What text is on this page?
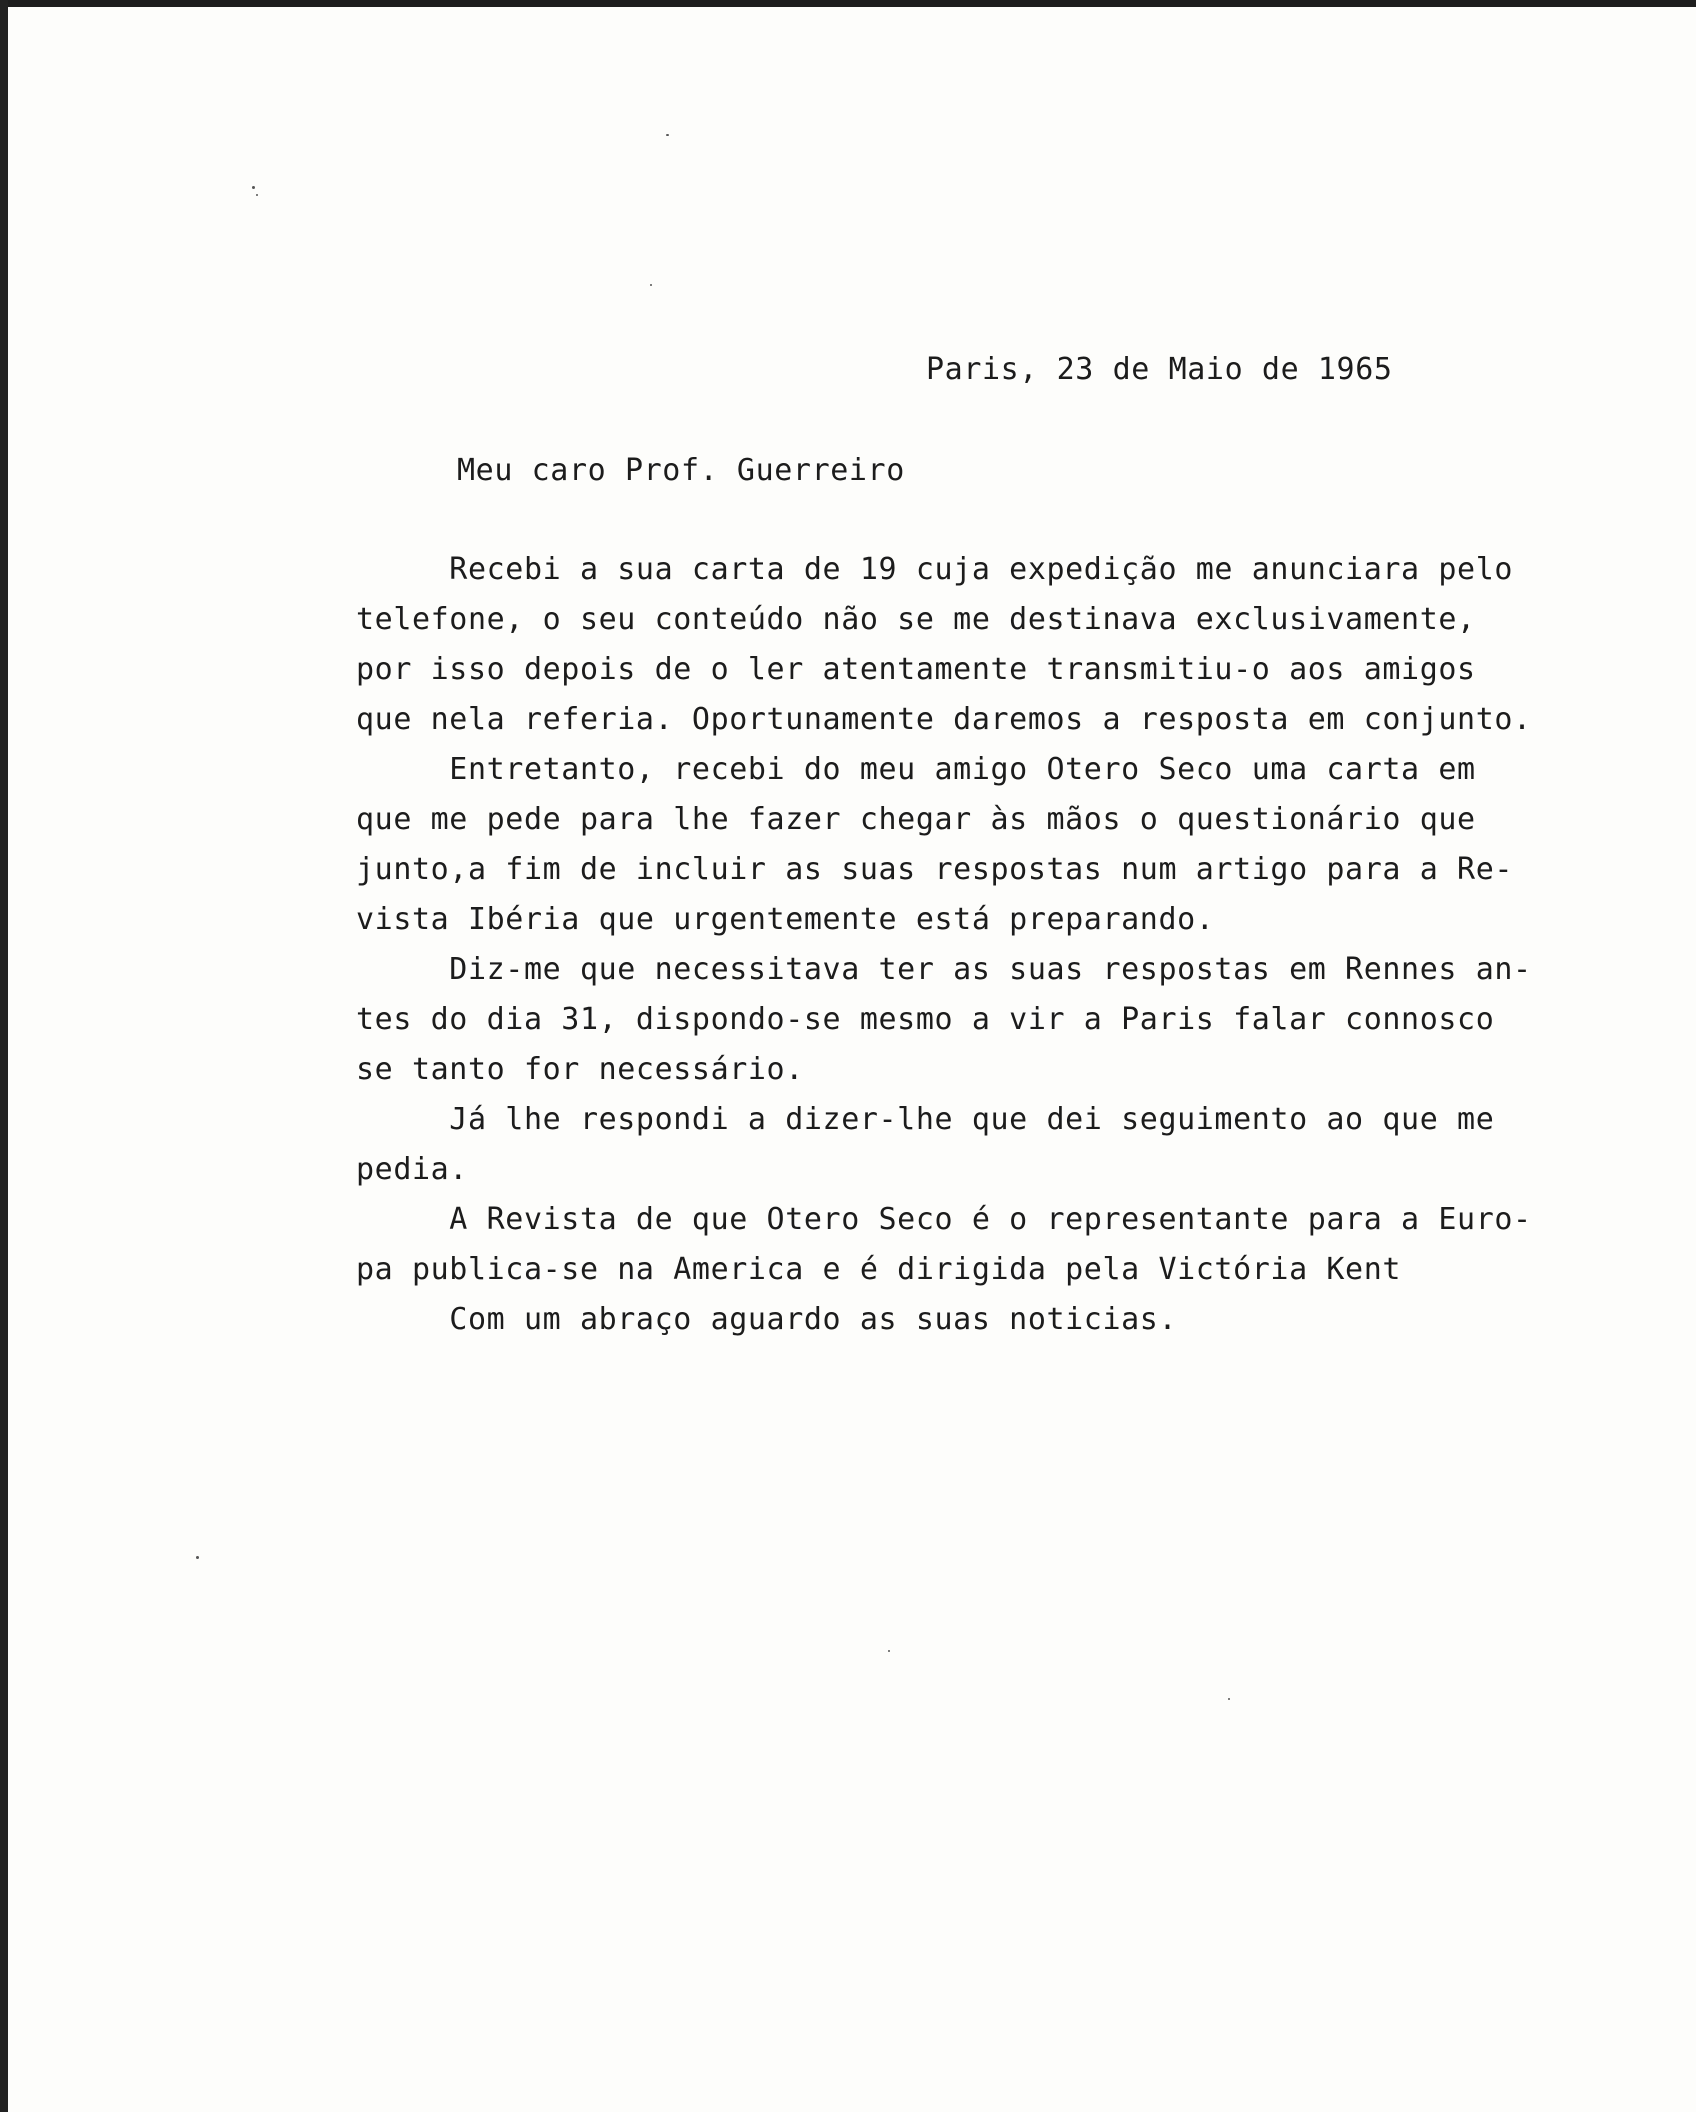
Paris, 23 de Maio de 1965
Meu caro Prof. Guerreiro

Recebi a sua carta de 19 cuja expedição me anunciara pelo

telefone, o seu conteúdo não se me destinava exclusivamente,

por isso depois de o ler atentamente transmitiu-o aos amigos

que nela referia. Oportunamente daremos a resposta em conjunto.

Entretanto, recebi do meu amigo Otero Seco uma carta em

que me pede para lhe fazer chegar às mãos o questionário que

junto,a fim de incluir as suas respostas num artigo para a Re-

vista Ibéria que urgentemente está preparando.

Diz-me que necessitava ter as suas respostas em Rennes an-

tes do dia 31, dispondo-se mesmo a vir a Paris falar connosco

se tanto for necessário.

Já lhe respondi a dizer-lhe que dei seguimento ao que me

pedia.

A Revista de que Otero Seco é o representante para a Euro-

pa publica-se na America e é dirigida pela Victória Kent

Com um abraço aguardo as suas noticias.
